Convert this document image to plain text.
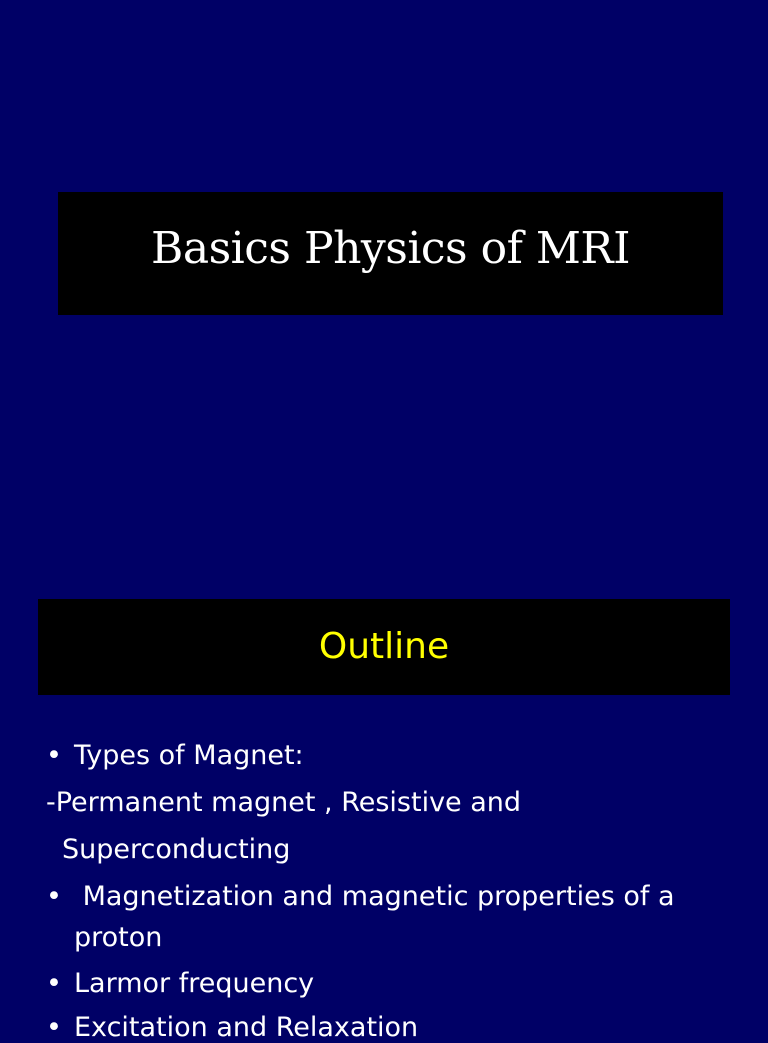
Basics Physics of MRI
Outline
• Types of Magnet:
-Permanent magnet , Resistive and
Superconducting
• Magnetization and magnetic properties of a
proton
• Larmor frequency
• Excitation and Relaxation
